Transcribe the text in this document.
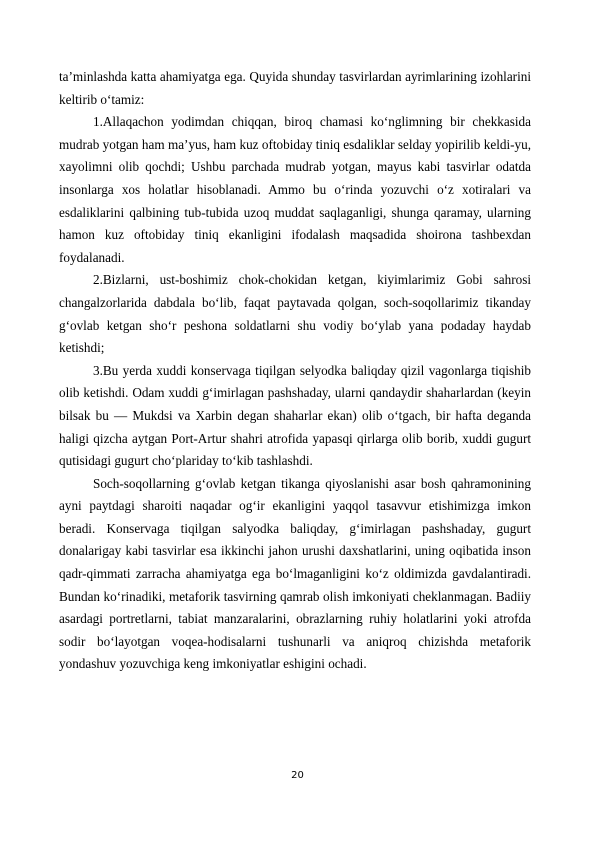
ta’minlashda katta ahamiyatga ega. Quyida shunday tasvirlardan ayrimlarining izohlarini keltirib o‘tamiz:

1.Allaqachon yodimdan chiqqan, biroq chamasi ko‘nglimning bir chekkasida mudrab yotgan ham ma’yus, ham kuz oftobiday tiniq esdaliklar selday yopirilib keldi-yu, xayolimni olib qochdi; Ushbu parchada mudrab yotgan, mayus kabi tasvirlar odatda insonlarga xos holatlar hisoblanadi. Ammo bu o‘rinda yozuvchi o‘z xotiralari va esdaliklarini qalbining tub-tubida uzoq muddat saqlaganligi, shunga qaramay, ularning hamon kuz oftobiday tiniq ekanligini ifodalash maqsadida shoirona tashbexdan foydalanadi.

2.Bizlarni, ust-boshimiz chok-chokidan ketgan, kiyimlarimiz Gobi sahrosi changalzorlarida dabdala bo‘lib, faqat paytavada qolgan, soch-soqollarimiz tikanday g‘ovlab ketgan sho‘r peshona soldatlarni shu vodiy bo‘ylab yana podaday haydab ketishdi;

3.Bu yerda xuddi konservaga tiqilgan selyodka baliqday qizil vagonlarga tiqishib olib ketishdi. Odam xuddi g‘imirlagan pashshaday, ularni qandaydir shaharlardan (keyin bilsak bu — Mukdsi va Xarbin degan shaharlar ekan) olib o‘tgach, bir hafta deganda haligi qizcha aytgan Port-Artur shahri atrofida yapasqi qirlarga olib borib, xuddi gugurt qutisidagi gugurt cho‘plariday to‘kib tashlashdi.

Soch-soqollarning g‘ovlab ketgan tikanga qiyoslanishi asar bosh qahramonining ayni paytdagi sharoiti naqadar og‘ir ekanligini yaqqol tasavvur etishimizga imkon beradi. Konservaga tiqilgan salyodka baliqday, g‘imirlagan pashshaday, gugurt donalarigay kabi tasvirlar esa ikkinchi jahon urushi daxshatlarini, uning oqibatida inson qadr-qimmati zarracha ahamiyatga ega bo‘lmaganligini ko‘z oldimizda gavdalantiradi. Bundan ko‘rinadiki, metaforik tasvirning qamrab olish imkoniyati cheklanmagan. Badiiy asardagi portretlarni, tabiat manzaralarini, obrazlarning ruhiy holatlarini yoki atrofda sodir bo‘layotgan voqea-hodisalarni tushunarli va aniqroq chizishda metaforik yondashuv yozuvchiga keng imkoniyatlar eshigini ochadi.

20
